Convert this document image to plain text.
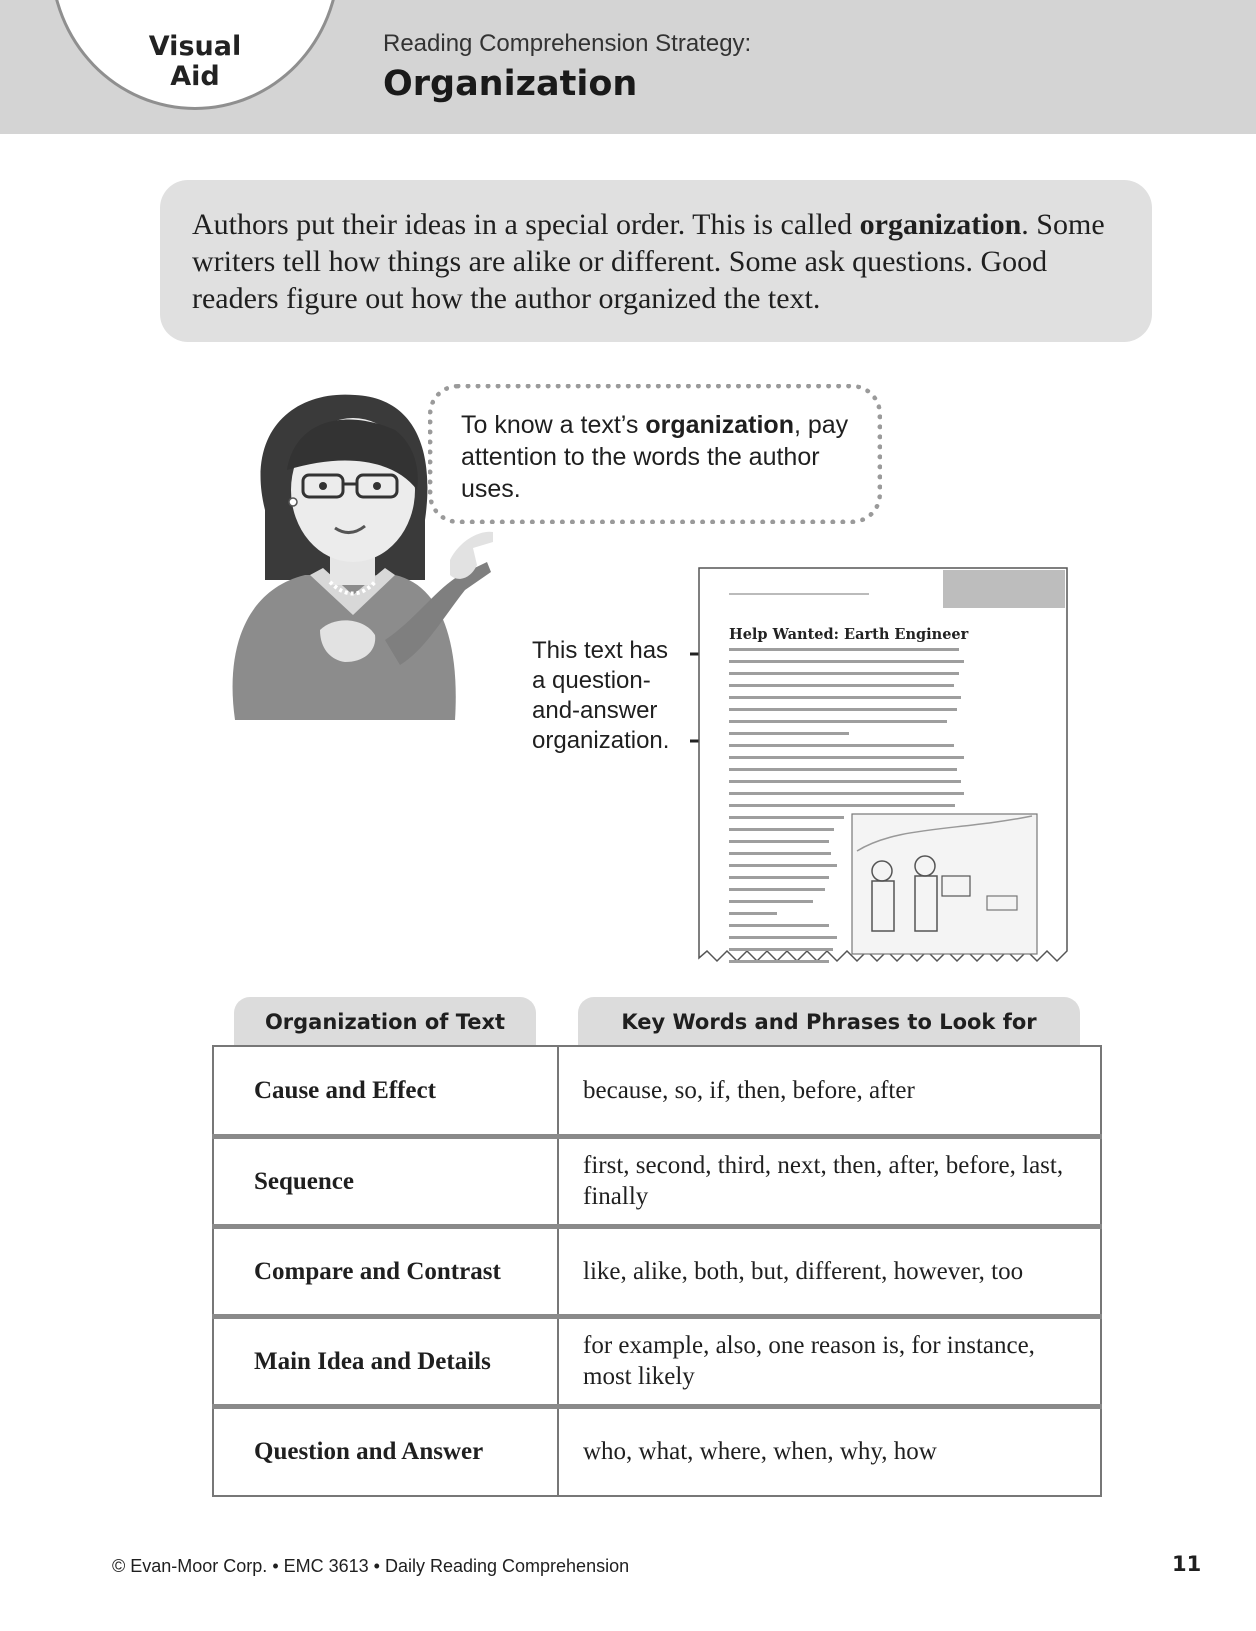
Visual
Aid
Reading Comprehension Strategy:
Organization

Authors put their ideas in a special order. This is called organization. Some writers tell how things are alike or different. Some ask questions. Good readers figure out how the author organized the text.

To know a text’s organization, pay attention to the words the author uses.
This text has
a question-
and-answer
organization.
Help Wanted: Earth Engineer
Organization of Text	Key Words and Phrases to Look for
Cause and Effect	because, so, if, then, before, after
Sequence	first, second, third, next, then, after, before, last, finally
Compare and Contrast	like, alike, both, but, different, however, too
Main Idea and Details	for example, also, one reason is, for instance, most likely
Question and Answer	who, what, where, when, why, how
© Evan-Moor Corp. • EMC 3613 • Daily Reading Comprehension	11
